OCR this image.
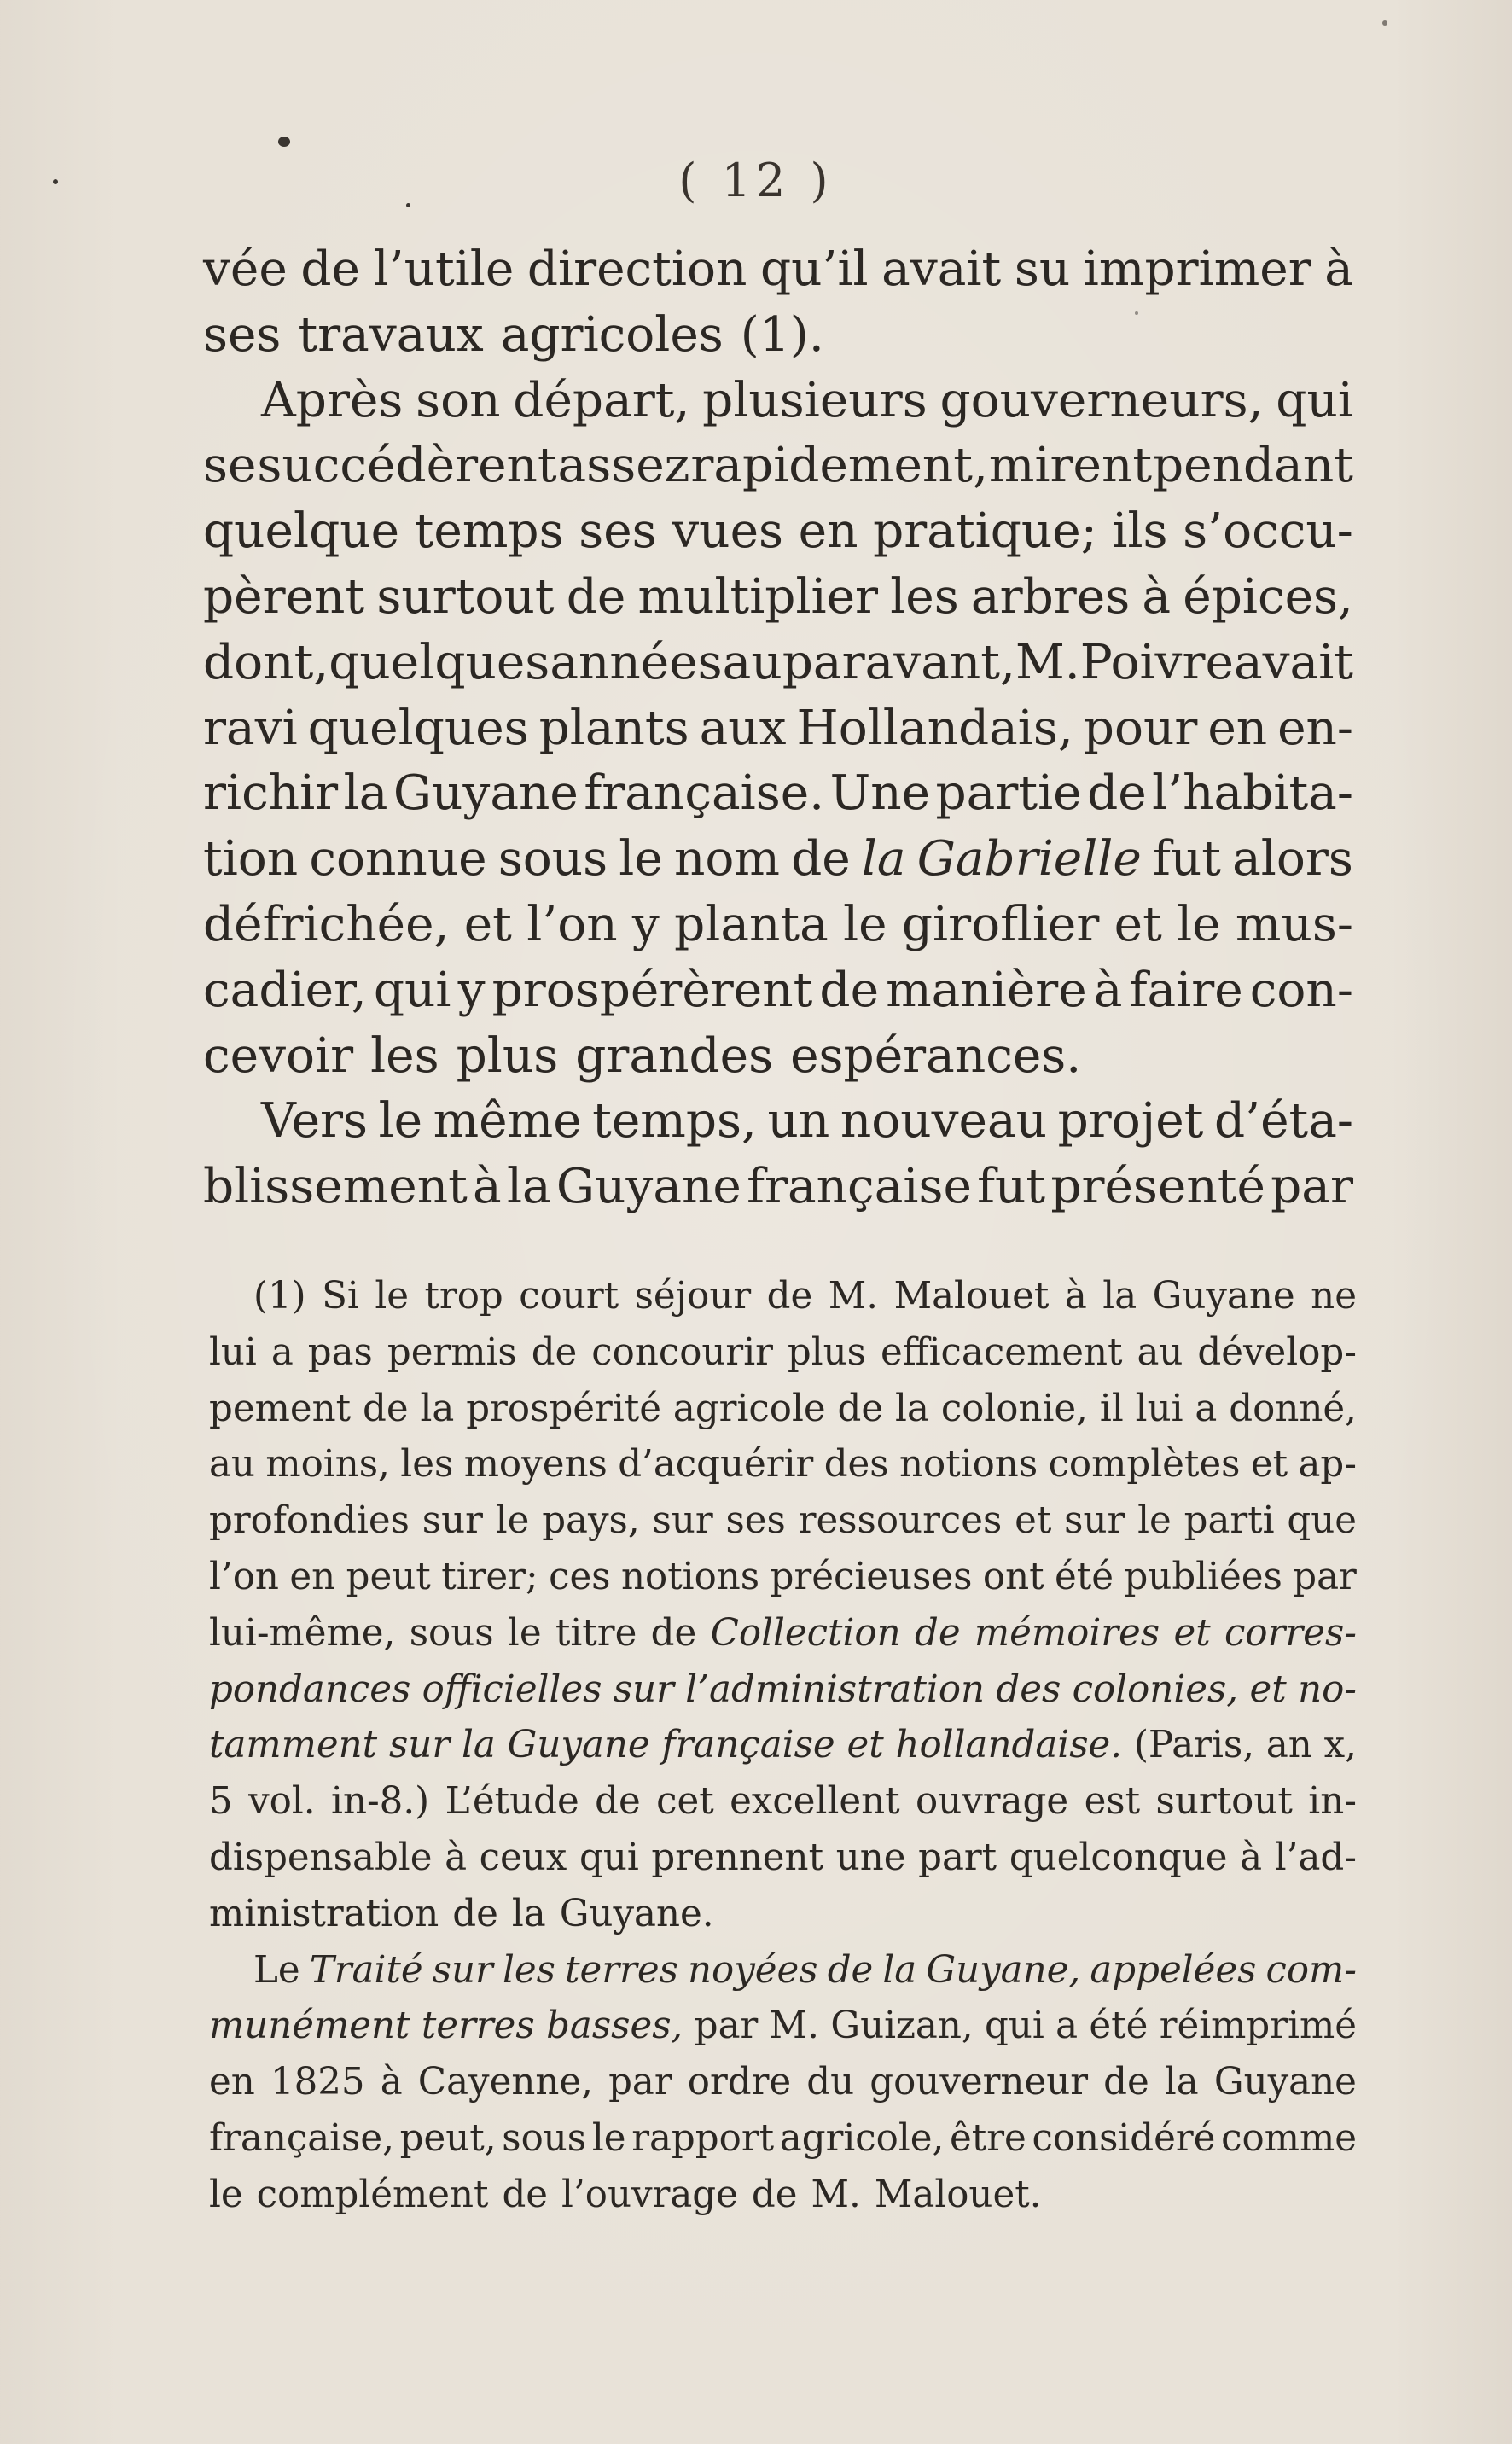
( 12 )
vée de l’utile direction qu’il avait su imprimer à
ses travaux agricoles (1).
Après son départ, plusieurs gouverneurs, qui
se succédèrent assez rapidement, mirent pendant
quelque temps ses vues en pratique; ils s’occu-
pèrent surtout de multiplier les arbres à épices,
dont, quelques années auparavant, M. Poivre avait
ravi quelques plants aux Hollandais, pour en en-
richir la Guyane française. Une partie de l’habita-
tion connue sous le nom de la Gabrielle fut alors
défrichée, et l’on y planta le giroflier et le mus-
cadier, qui y prospérèrent de manière à faire con-
cevoir les plus grandes espérances.
Vers le même temps, un nouveau projet d’éta-
blissement à la Guyane française fut présenté par
(1) Si le trop court séjour de M. Malouet à la Guyane ne
lui a pas permis de concourir plus efficacement au dévelop-
pement de la prospérité agricole de la colonie, il lui a donné,
au moins, les moyens d’acquérir des notions complètes et ap-
profondies sur le pays, sur ses ressources et sur le parti que
l’on en peut tirer; ces notions précieuses ont été publiées par
lui-même, sous le titre de Collection de mémoires et corres-
pondances officielles sur l’administration des colonies, et no-
tamment sur la Guyane française et hollandaise. (Paris, an x,
5 vol. in-8.) L’étude de cet excellent ouvrage est surtout in-
dispensable à ceux qui prennent une part quelconque à l’ad-
ministration de la Guyane.
Le Traité sur les terres noyées de la Guyane, appelées com-
munément terres basses, par M. Guizan, qui a été réimprimé
en 1825 à Cayenne, par ordre du gouverneur de la Guyane
française, peut, sous le rapport agricole, être considéré comme
le complément de l’ouvrage de M. Malouet.
